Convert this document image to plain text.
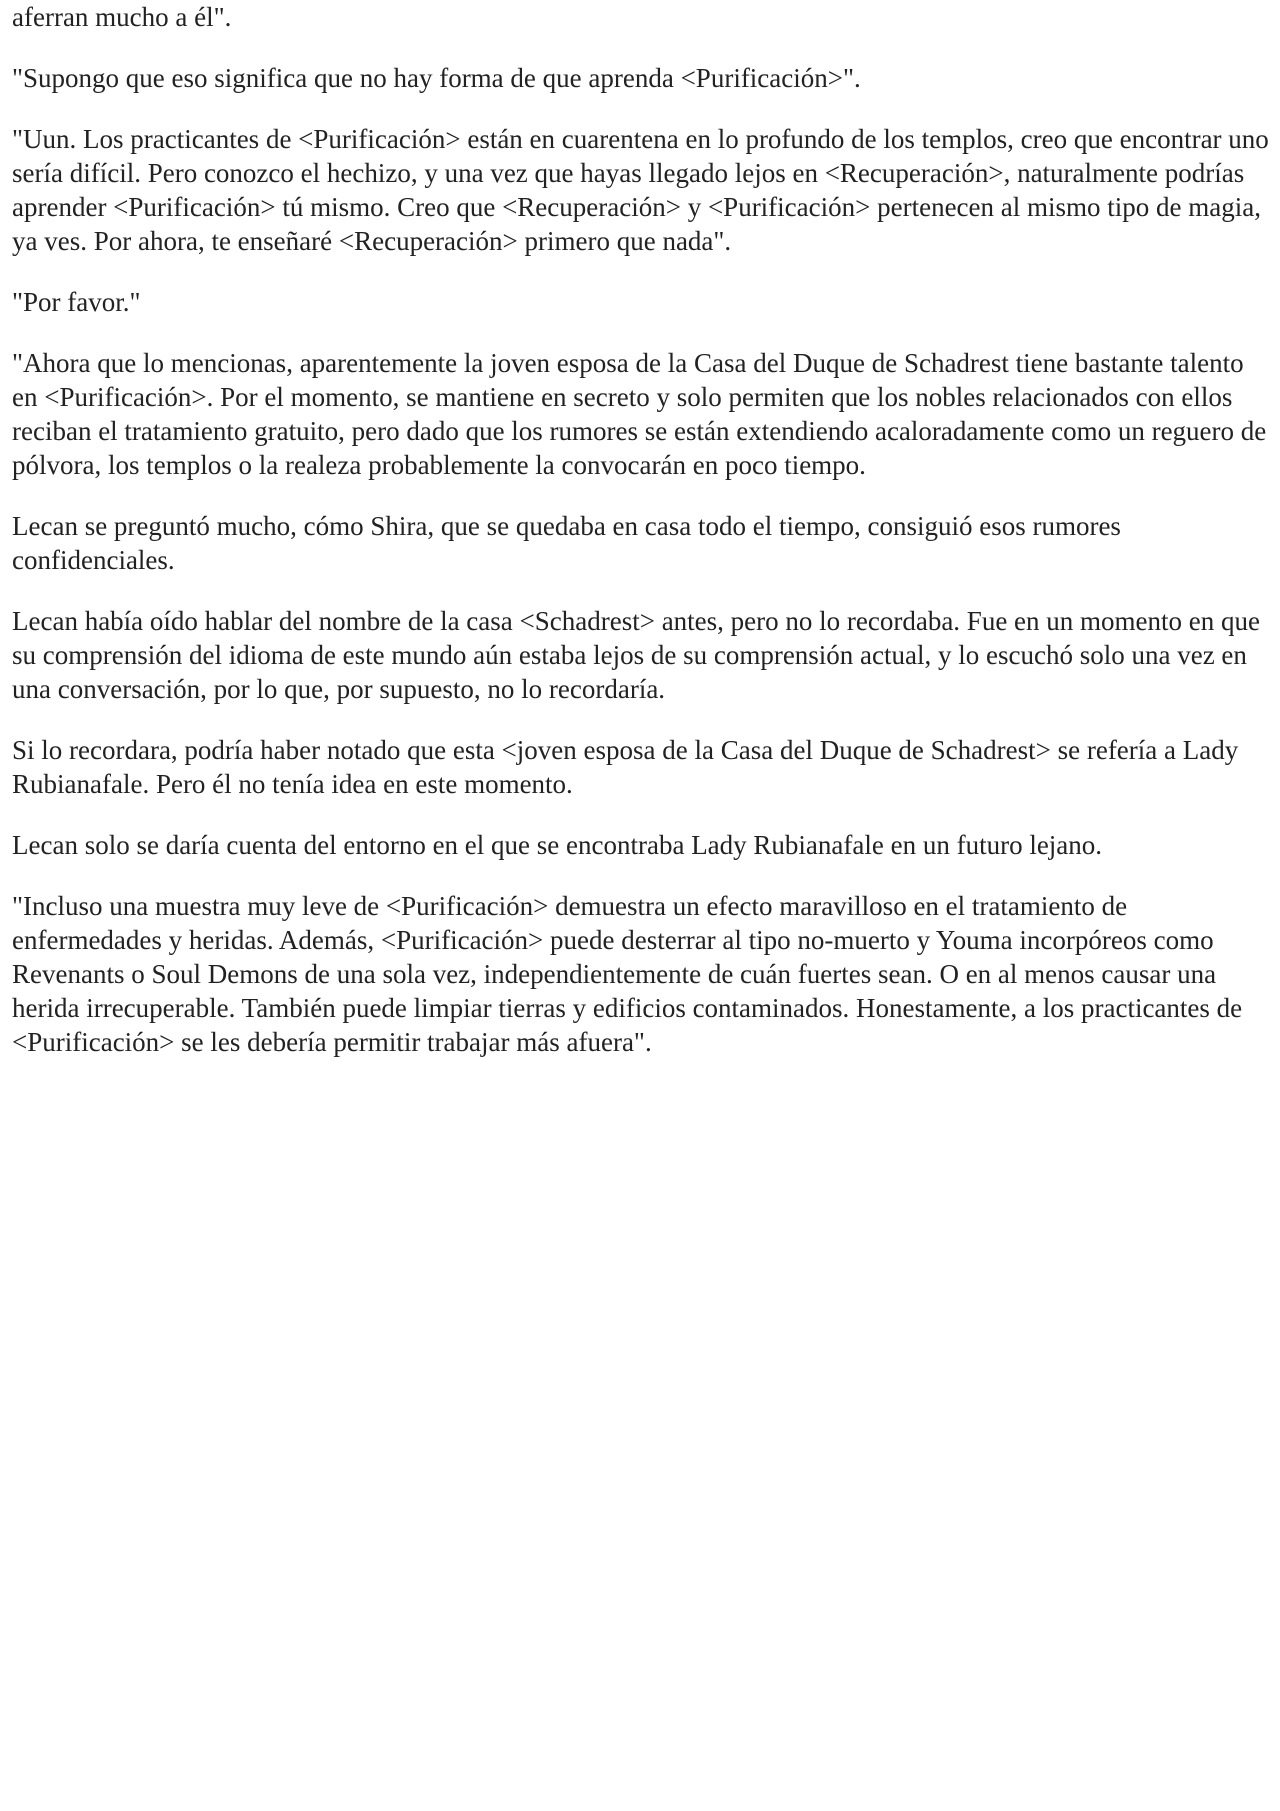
aferran mucho a él".

"Supongo que eso significa que no hay forma de que aprenda <Purificación>".

"Uun. Los practicantes de <Purificación> están en cuarentena en lo profundo de los templos, creo que encontrar uno sería difícil. Pero conozco el hechizo, y una vez que hayas llegado lejos en <Recuperación>, naturalmente podrías aprender <Purificación> tú mismo. Creo que <Recuperación> y <Purificación> pertenecen al mismo tipo de magia, ya ves. Por ahora, te enseñaré <Recuperación> primero que nada".

"Por favor."

"Ahora que lo mencionas, aparentemente la joven esposa de la Casa del Duque de Schadrest tiene bastante talento en <Purificación>. Por el momento, se mantiene en secreto y solo permiten que los nobles relacionados con ellos reciban el tratamiento gratuito, pero dado que los rumores se están extendiendo acaloradamente como un reguero de pólvora, los templos o la realeza probablemente la convocarán en poco tiempo.

Lecan se preguntó mucho, cómo Shira, que se quedaba en casa todo el tiempo, consiguió esos rumores confidenciales.

Lecan había oído hablar del nombre de la casa <Schadrest> antes, pero no lo recordaba. Fue en un momento en que su comprensión del idioma de este mundo aún estaba lejos de su comprensión actual, y lo escuchó solo una vez en una conversación, por lo que, por supuesto, no lo recordaría.

Si lo recordara, podría haber notado que esta <joven esposa de la Casa del Duque de Schadrest> se refería a Lady Rubianafale. Pero él no tenía idea en este momento.

Lecan solo se daría cuenta del entorno en el que se encontraba Lady Rubianafale en un futuro lejano.

"Incluso una muestra muy leve de <Purificación> demuestra un efecto maravilloso en el tratamiento de enfermedades y heridas. Además, <Purificación> puede desterrar al tipo no-muerto y Youma incorpóreos como Revenants o Soul Demons de una sola vez, independientemente de cuán fuertes sean. O en al menos causar una herida irrecuperable. También puede limpiar tierras y edificios contaminados. Honestamente, a los practicantes de <Purificación> se les debería permitir trabajar más afuera".
